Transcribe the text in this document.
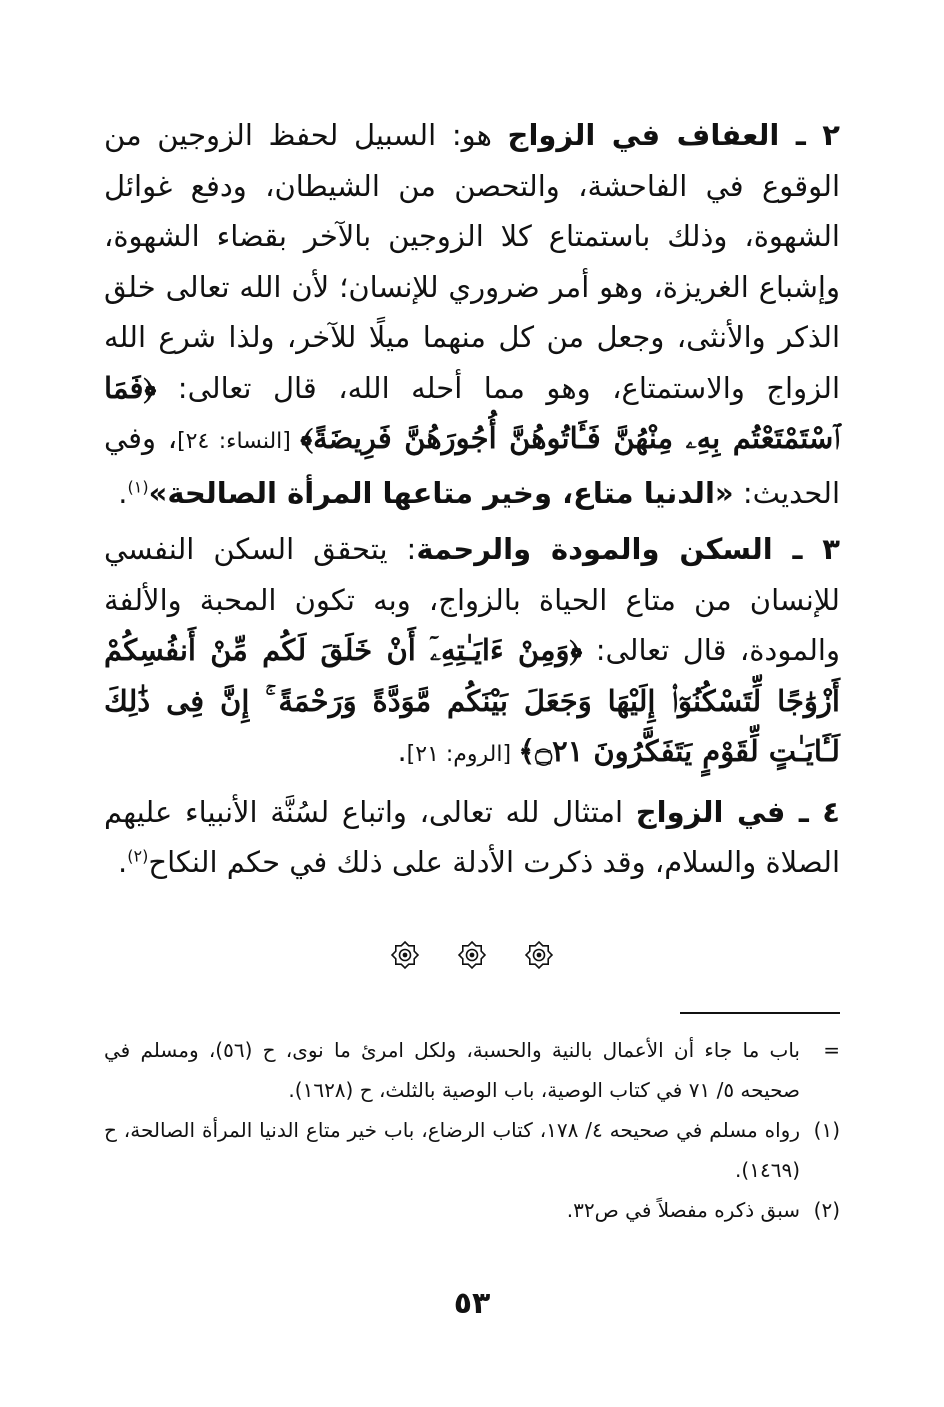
٢ ـ العفاف في الزواج هو: السبيل لحفظ الزوجين من الوقوع في الفاحشة، والتحصن من الشيطان، ودفع غوائل الشهوة، وذلك باستمتاع كلا الزوجين بالآخر بقضاء الشهوة، وإشباع الغريزة، وهو أمر ضروري للإنسان؛ لأن الله تعالى خلق الذكر والأنثى، وجعل من كل منهما ميلًا للآخر، ولذا شرع الله الزواج والاستمتاع، وهو مما أحله الله، قال تعالى: ﴿فَمَا ٱسْتَمْتَعْتُم بِهِۦ مِنْهُنَّ فَـَٔاتُوهُنَّ أُجُورَهُنَّ فَرِيضَةً﴾ [النساء: ٢٤]، وفي الحديث: «الدنيا متاع، وخير متاعها المرأة الصالحة»$^{(١)}$.

٣ ـ السكن والمودة والرحمة: يتحقق السكن النفسي للإنسان من متاع الحياة بالزواج، وبه تكون المحبة والألفة والمودة، قال تعالى: ﴿وَمِنْ ءَايَـٰتِهِۦٓ أَنْ خَلَقَ لَكُم مِّنْ أَنفُسِكُمْ أَزْوَٰجًا لِّتَسْكُنُوٓا۟ إِلَيْهَا وَجَعَلَ بَيْنَكُم مَّوَدَّةً وَرَحْمَةً ۚ إِنَّ فِى ذَٰلِكَ لَـَٔايَـٰتٍ لِّقَوْمٍ يَتَفَكَّرُونَ ۝٢١﴾ [الروم: ٢١].

٤ ـ في الزواج امتثال لله تعالى، واتباع لسُنَّة الأنبياء عليهم الصلاة والسلام، وقد ذكرت الأدلة على ذلك في حكم النكاح$^{(٢)}$.

=
باب ما جاء أن الأعمال بالنية والحسبة، ولكل امرئ ما نوى، ح (٥٦)، ومسلم في صحيحه ٥/ ٧١ في كتاب الوصية، باب الوصية بالثلث، ح (١٦٢٨).
(١)
رواه مسلم في صحيحه ٤/ ١٧٨، كتاب الرضاع، باب خير متاع الدنيا المرأة الصالحة، ح (١٤٦٩).
(٢)
سبق ذكره مفصلاً في ص٣٢.
٥٣
